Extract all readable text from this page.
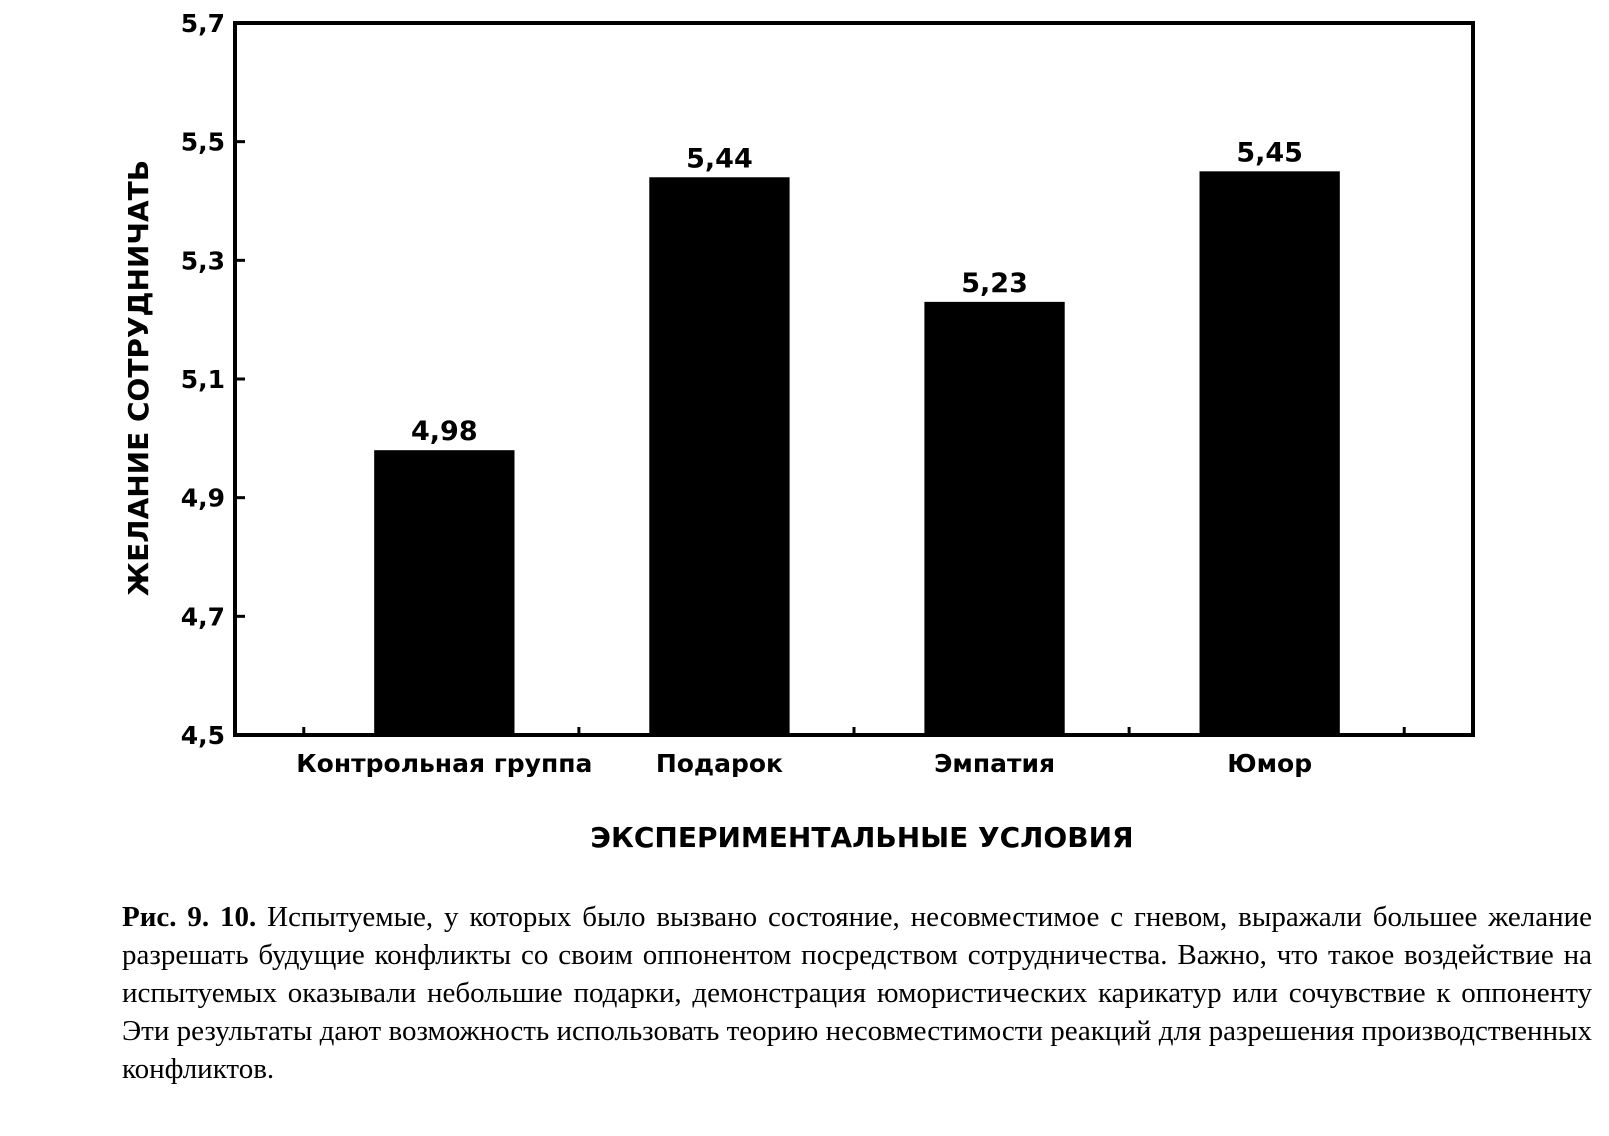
4,5
4,7
4,9
5,1
5,3
5,5
5,7
4,98
5,44
5,23
5,45
Контрольная группа	Подарок	Эмпатия	Юмор
ЖЕЛАНИЕ СОТРУДНИЧАТЬ
ЭКСПЕРИМЕНТАЛЬНЫЕ УСЛОВИЯ
Рис. 9. 10. Испытуемые, у которых было вызвано состояние, несовместимое с гневом, выражали большее желание разрешать будущие конфликты со своим оппонентом посредством сотрудничества. Важно, что такое воздействие на испытуемых оказывали небольшие подарки, демонстрация юмористических карикатур или сочувствие к оппоненту Эти результаты дают возможность использовать теорию несовместимости реакций для разрешения производственных конфликтов.
